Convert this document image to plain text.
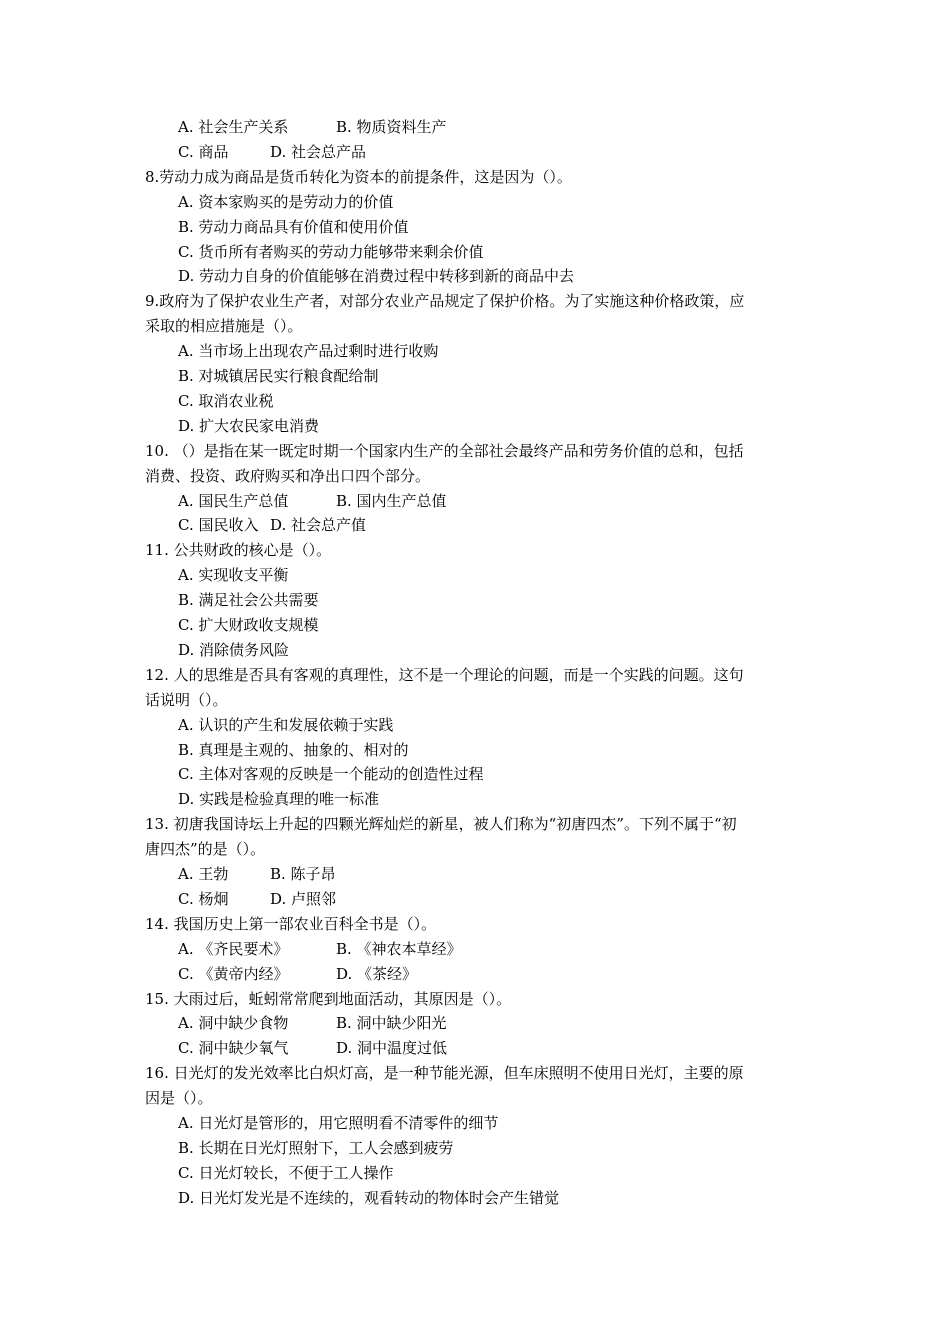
A. 社会生产关系	B. 物质资料生产
C. 商品	D. 社会总产品
8.劳动力成为商品是货币转化为资本的前提条件，这是因为（）。
A. 资本家购买的是劳动力的价值
B. 劳动力商品具有价值和使用价值
C. 货币所有者购买的劳动力能够带来剩余价值
D. 劳动力自身的价值能够在消费过程中转移到新的商品中去
9.政府为了保护农业生产者，对部分农业产品规定了保护价格。为了实施这种价格政策，应
采取的相应措施是（）。
A. 当市场上出现农产品过剩时进行收购
B. 对城镇居民实行粮食配给制
C. 取消农业税
D. 扩大农民家电消费
10. （）是指在某一既定时期一个国家内生产的全部社会最终产品和劳务价值的总和，包括
消费、投资、政府购买和净出口四个部分。
A. 国民生产总值	B. 国内生产总值
C. 国民收入 D. 社会总产值
11. 公共财政的核心是（）。
A. 实现收支平衡
B. 满足社会公共需要
C. 扩大财政收支规模
D. 消除债务风险
12. 人的思维是否具有客观的真理性，这不是一个理论的问题，而是一个实践的问题。这句
话说明（）。
A. 认识的产生和发展依赖于实践
B. 真理是主观的、抽象的、相对的
C. 主体对客观的反映是一个能动的创造性过程
D. 实践是检验真理的唯一标准
13. 初唐我国诗坛上升起的四颗光辉灿烂的新星，被人们称为“初唐四杰”。下列不属于“初
唐四杰”的是（）。
A. 王勃	B. 陈子昂
C. 杨炯	D. 卢照邻
14. 我国历史上第一部农业百科全书是（）。
A. 《齐民要术》	B. 《神农本草经》
C. 《黄帝内经》	D. 《茶经》
15. 大雨过后，蚯蚓常常爬到地面活动，其原因是（）。
A. 洞中缺少食物	B. 洞中缺少阳光
C. 洞中缺少氧气	D. 洞中温度过低
16. 日光灯的发光效率比白炽灯高，是一种节能光源，但车床照明不使用日光灯，主要的原
因是（）。
A. 日光灯是管形的，用它照明看不清零件的细节
B. 长期在日光灯照射下，工人会感到疲劳
C. 日光灯较长，不便于工人操作
D. 日光灯发光是不连续的，观看转动的物体时会产生错觉
